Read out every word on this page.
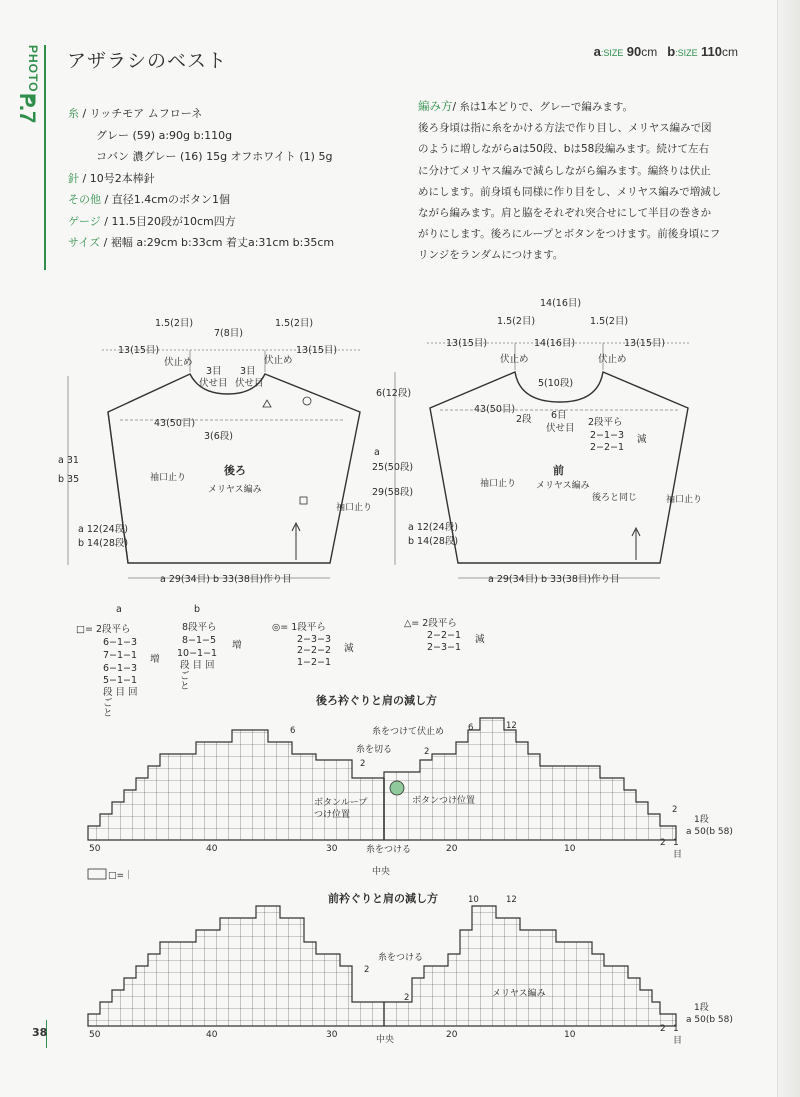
PHOTO ▸
P.7
アザラシのベスト	a:SIZE 90cm b:SIZE 110cm
糸 / リッチモア ムフローネ
グレー (59) a:90g b:110g
コバン 濃グレー (16) 15g オフホワイト (1) 5g
針 / 10号2本棒針
その他 / 直径1.4cmのボタン1個
ゲージ / 11.5目20段が10cm四方
サイズ / 裾幅 a:29cm b:33cm 着丈a:31cm b:35cm
編み方/ 糸は1本どりで、グレーで編みます。
後ろ身頃は指に糸をかける方法で作り目し、メリヤス編みで図
のように増しながらaは50段、bは58段編みます。続けて左右
に分けてメリヤス編みで減らしながら編みます。編終りは伏止
めにします。前身頃も同様に作り目をし、メリヤス編みで増減し
ながら編みます。肩と脇をそれぞれ突合せにして半目の巻きか
がりにします。後ろにループとボタンをつけます。前後身頃にフ
リンジをランダムにつけます。
1.5(2目)
7(8目)
1.5(2目)
13(15目)	13(15目)
伏止め	伏止め
3目
伏せ目
3目
伏せ目
43(50目)
3(6段)
a 31
b 35
後ろ
メリヤス編み
袖口止り
袖口止り
a 12(24段)
b 14(28段)
a 29(34目) b 33(38目)作り目
14(16目)
1.5(2目)	1.5(2目)
13(15目)	14(16目)	13(15目)
伏止め	伏止め
5(10段)
6(12段)
43(50目)
2段 6目
伏せ目
2段平ら
2−1−3
2−2−1
減
a
25(50段)
29(58段)
前
メリヤス編み
後ろと同じ
袖口止り
袖口止り
a 12(24段)
b 14(28段)
a 29(34目) b 33(38目)作り目
a
□= 2段平ら
6−1−3
7−1−1
6−1−3
5−1−1
段 目 回
ご
と
増
b
8段平ら
8−1−5
10−1−1
段 目 回
ご
と
増
◎= 1段平ら
2−3−3
2−2−2
1−2−1
減
△= 2段平ら
2−2−1
2−3−1
減
後ろ衿ぐりと肩の減し方
糸をつけて伏止め
糸を切る
ボタンループ
つけ位置
ボタンつけ位置
糸をつける
中央
6	6	12
2
2
2
1段
a 50(b 58)
50	40	30	20	10
2 1
目
□=｜
前衿ぐりと肩の減し方
糸をつける
メリヤス編み
中央
10	12
2
2
1段
a 50(b 58)
50	40	30	20	10
2 1
目
38
